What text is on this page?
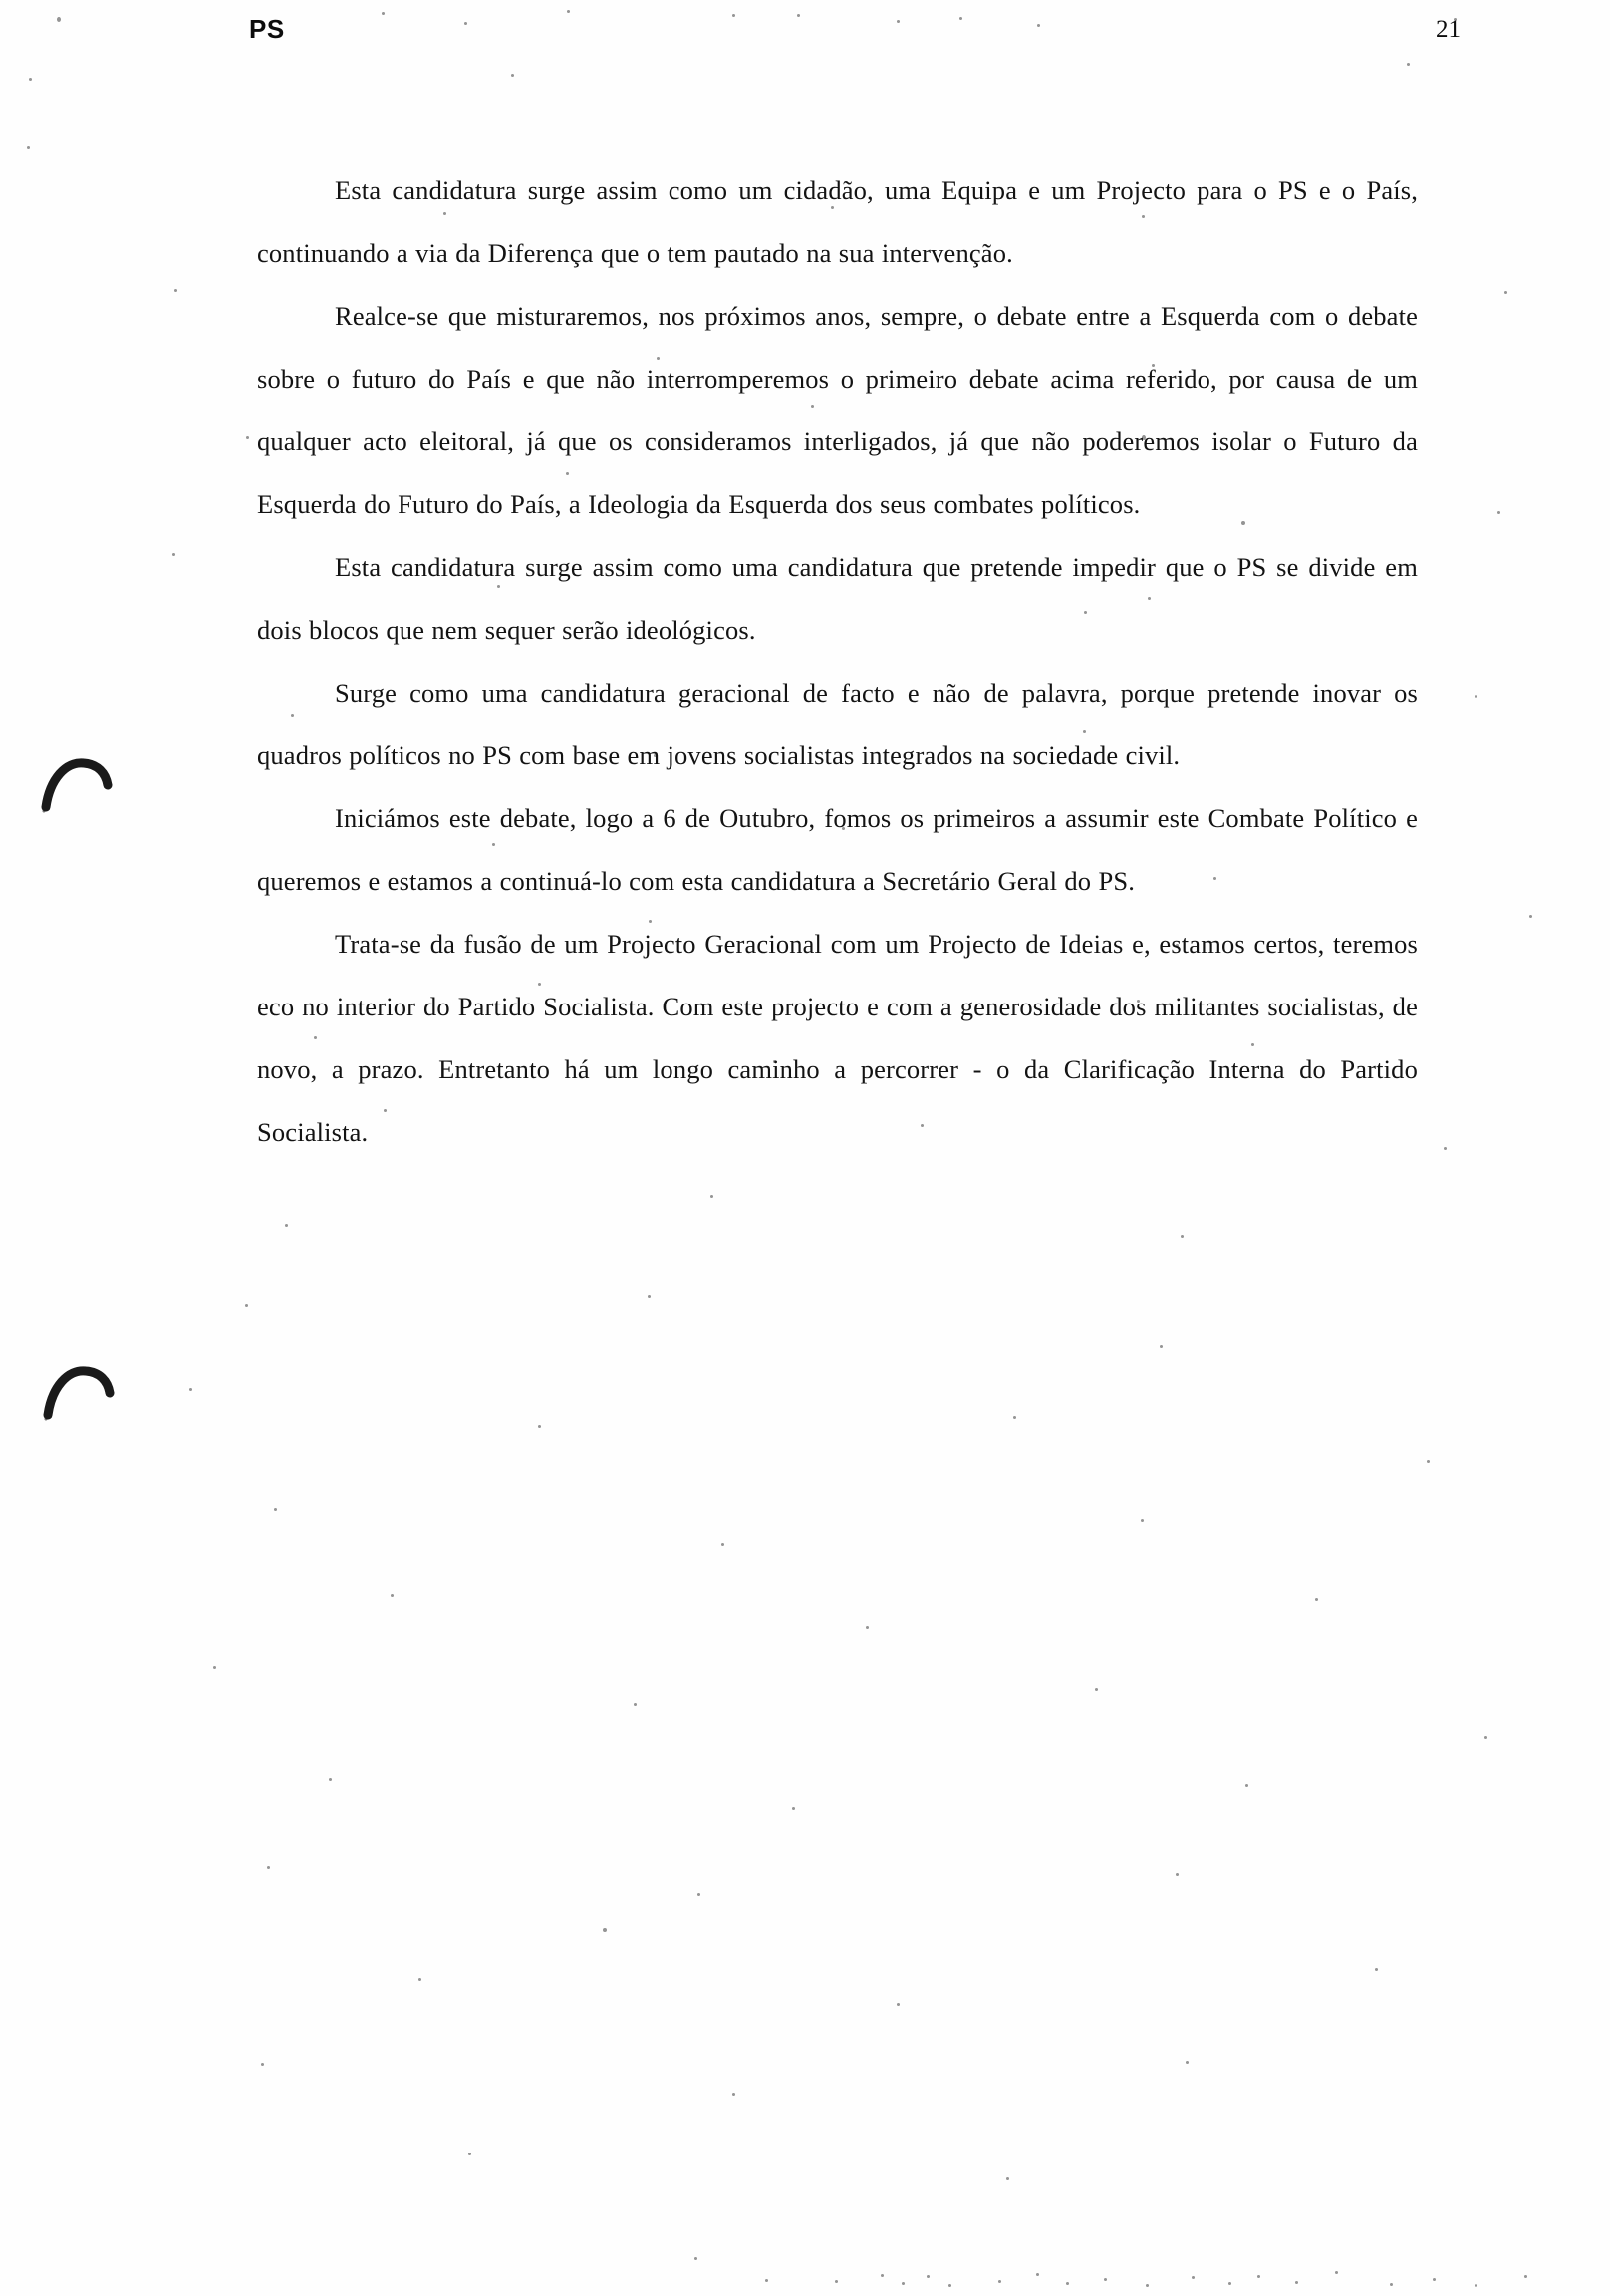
PS	21

Esta candidatura surge assim como um cidadão, uma Equipa e um Projecto para o PS e o País, continuando a via da Diferença que o tem pautado na sua intervenção.

Realce-se que misturaremos, nos próximos anos, sempre, o debate entre a Esquerda com o debate sobre o futuro do País e que não interromperemos o primeiro debate acima referido, por causa de um qualquer acto eleitoral, já que os consideramos interligados, já que não poderemos isolar o Futuro da Esquerda do Futuro do País, a Ideologia da Esquerda dos seus combates políticos.

Esta candidatura surge assim como uma candidatura que pretende impedir que o PS se divide em dois blocos que nem sequer serão ideológicos.

Surge como uma candidatura geracional de facto e não de palavra, porque pretende inovar os quadros políticos no PS com base em jovens socialistas integrados na sociedade civil.

Iniciámos este debate, logo a 6 de Outubro, fomos os primeiros a assumir este Combate Político e queremos e estamos a continuá-lo com esta candidatura a Secretário Geral do PS.

Trata-se da fusão de um Projecto Geracional com um Projecto de Ideias e, estamos certos, teremos eco no interior do Partido Socialista. Com este projecto e com a generosidade dos militantes socialistas, de novo, a prazo. Entretanto há um longo caminho a percorrer - o da Clarificação Interna do Partido Socialista.
